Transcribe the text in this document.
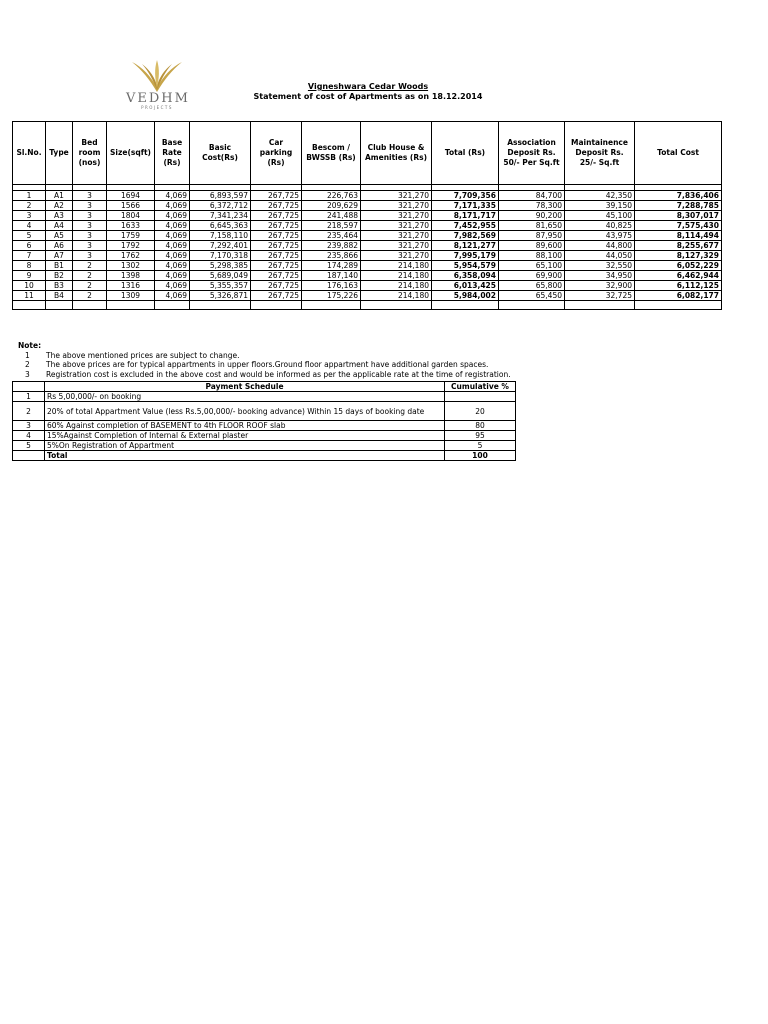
VEDHM
PROJECTS
Vigneshwara Cedar Woods
Statement of cost of Apartments as on 18.12.2014
Sl.No.	Type	Bed room (nos)	Size(sqft)	Base Rate (Rs)	Basic Cost(Rs)	Car parking (Rs)	Bescom / BWSSB (Rs)	Club House & Amenities (Rs)	Total (Rs)	Association Deposit Rs. 50/- Per Sq.ft	Maintainence Deposit Rs. 25/- Sq.ft	Total Cost

1	A1	3	1694	4,069	6,893,597	267,725	226,763	321,270	7,709,356	84,700	42,350	7,836,406
2	A2	3	1566	4,069	6,372,712	267,725	209,629	321,270	7,171,335	78,300	39,150	7,288,785
3	A3	3	1804	4,069	7,341,234	267,725	241,488	321,270	8,171,717	90,200	45,100	8,307,017
4	A4	3	1633	4,069	6,645,363	267,725	218,597	321,270	7,452,955	81,650	40,825	7,575,430
5	A5	3	1759	4,069	7,158,110	267,725	235,464	321,270	7,982,569	87,950	43,975	8,114,494
6	A6	3	1792	4,069	7,292,401	267,725	239,882	321,270	8,121,277	89,600	44,800	8,255,677
7	A7	3	1762	4,069	7,170,318	267,725	235,866	321,270	7,995,179	88,100	44,050	8,127,329
8	B1	2	1302	4,069	5,298,385	267,725	174,289	214,180	5,954,579	65,100	32,550	6,052,229
9	B2	2	1398	4,069	5,689,049	267,725	187,140	214,180	6,358,094	69,900	34,950	6,462,944
10	B3	2	1316	4,069	5,355,357	267,725	176,163	214,180	6,013,425	65,800	32,900	6,112,125
11	B4	2	1309	4,069	5,326,871	267,725	175,226	214,180	5,984,002	65,450	32,725	6,082,177

Note:
1	The above mentioned prices are subject to change.
2	The above prices are for typical appartments in upper floors.Ground floor appartment have additional garden spaces.
3	Registration cost is excluded in the above cost and would be informed as per the applicable rate at the time of registration.
	Payment Schedule	Cumulative %
1	Rs 5,00,000/- on booking	
2	20% of total Appartment Value (less Rs.5,00,000/- booking advance) Within 15 days of booking date	20
3	60% Against completion of BASEMENT to 4th FLOOR ROOF slab	80
4	15%Against Completion of Internal & External plaster	95
5	5%On Registration of Appartment	5
	Total	100
